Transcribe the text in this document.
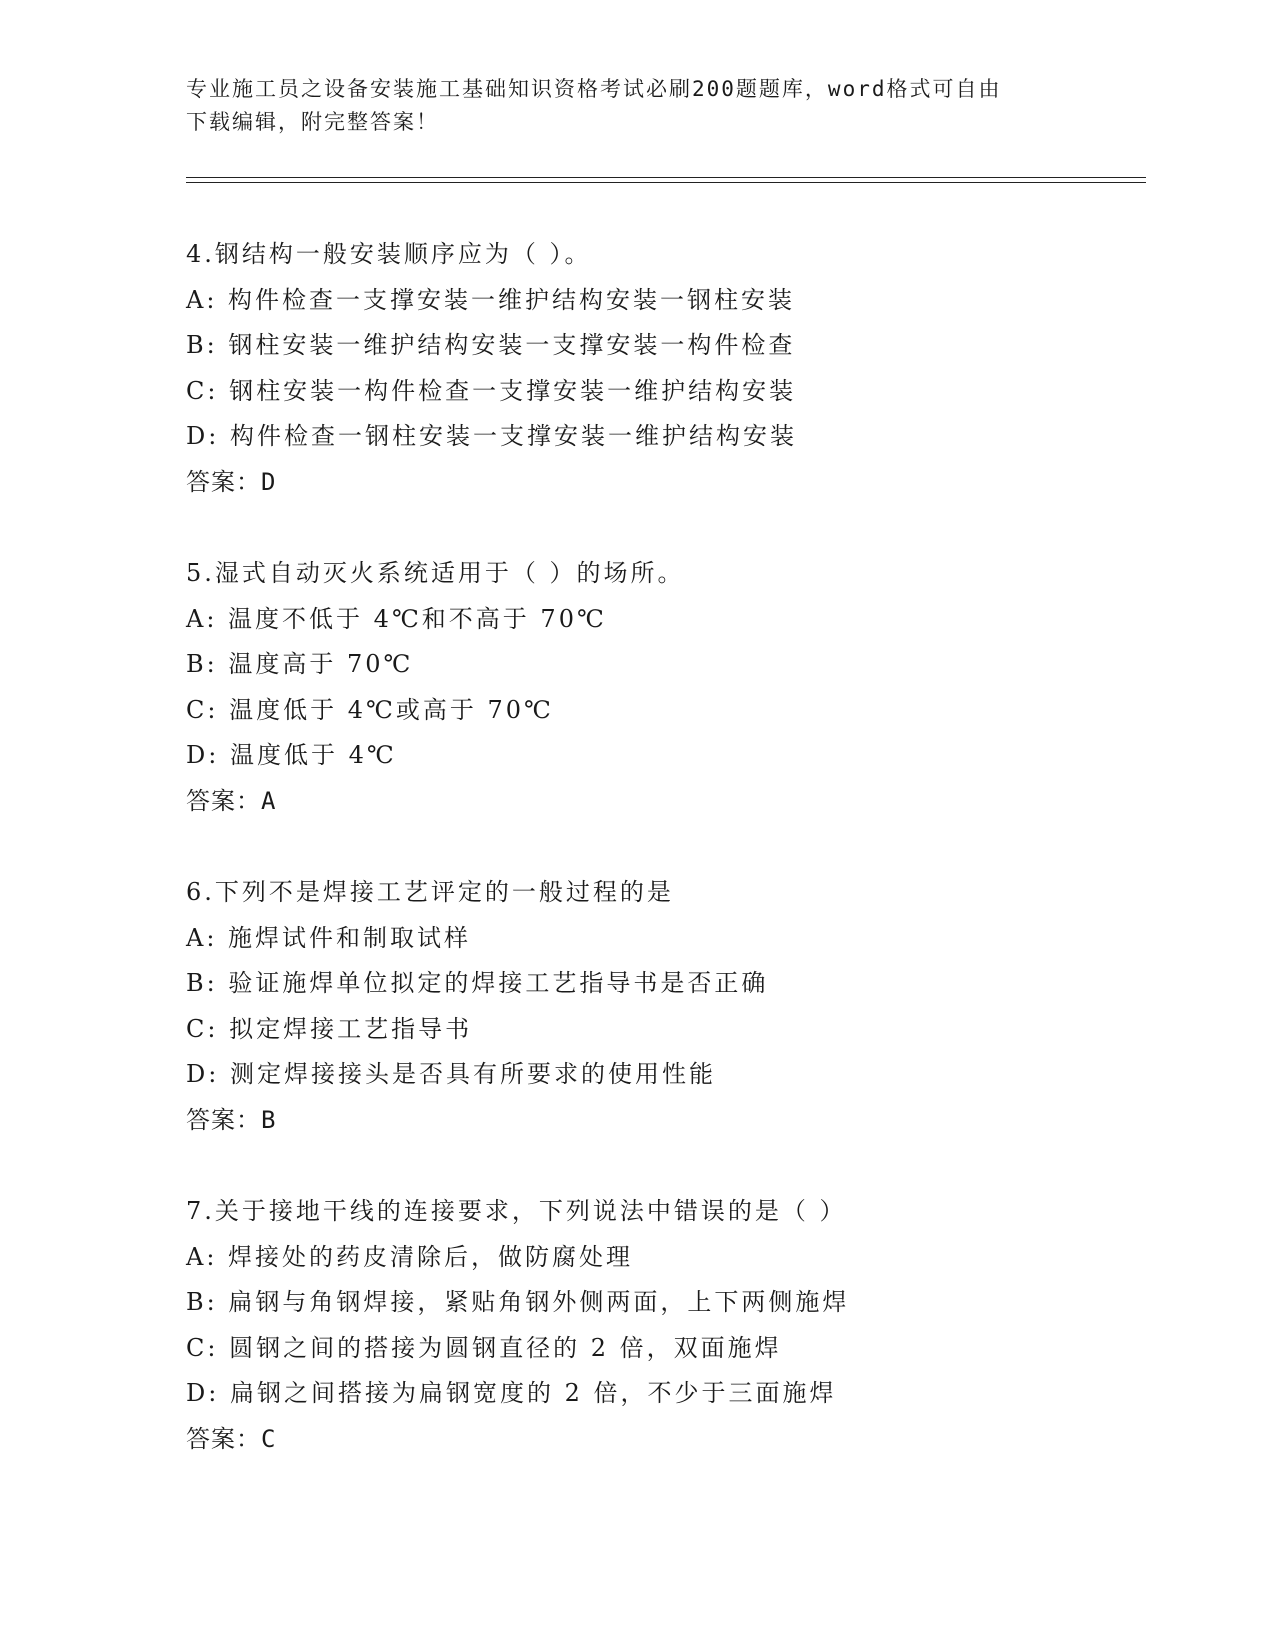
专业施工员之设备安装施工基础知识资格考试必刷200题题库，word格式可自由
下载编辑，附完整答案！
4.钢结构一般安装顺序应为（ ）。
A: 构件检查一支撑安装一维护结构安装一钢柱安装
B: 钢柱安装一维护结构安装一支撑安装一构件检查
C: 钢柱安装一构件检查一支撑安装一维护结构安装
D: 构件检查一钢柱安装一支撑安装一维护结构安装
答案：D
5.湿式自动灭火系统适用于（ ）的场所。
A: 温度不低于 4℃和不高于 70℃
B: 温度高于 70℃
C: 温度低于 4℃或高于 70℃
D: 温度低于 4℃
答案：A
6.下列不是焊接工艺评定的一般过程的是
A: 施焊试件和制取试样
B: 验证施焊单位拟定的焊接工艺指导书是否正确
C: 拟定焊接工艺指导书
D: 测定焊接接头是否具有所要求的使用性能
答案：B
7.关于接地干线的连接要求，下列说法中错误的是（ ）
A: 焊接处的药皮清除后，做防腐处理
B: 扁钢与角钢焊接，紧贴角钢外侧两面，上下两侧施焊
C: 圆钢之间的搭接为圆钢直径的 2 倍，双面施焊
D: 扁钢之间搭接为扁钢宽度的 2 倍，不少于三面施焊
答案：C
